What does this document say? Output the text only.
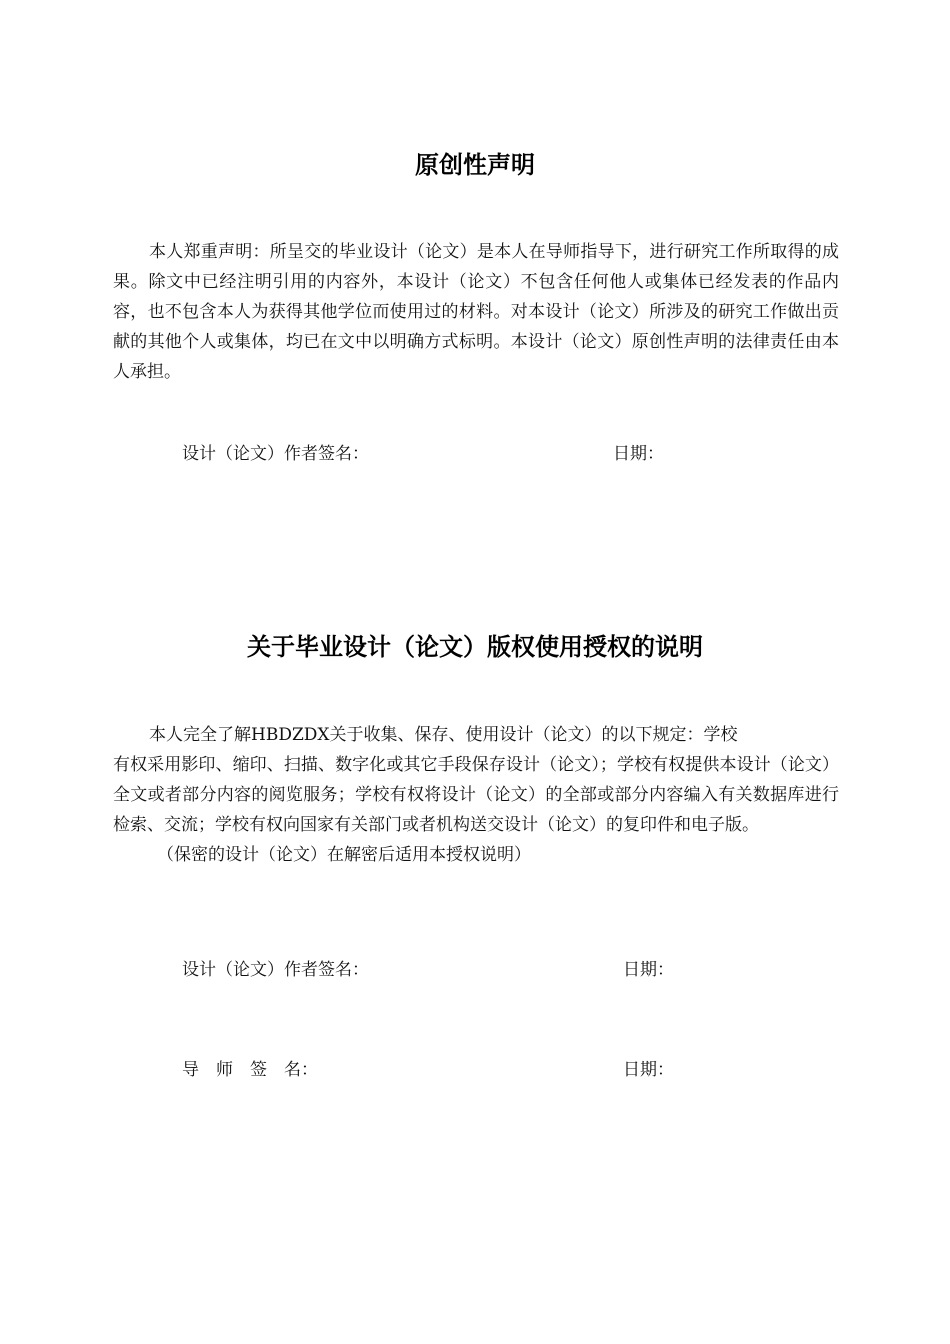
原创性声明

本人郑重声明：所呈交的毕业设计（论文）是本人在导师指导下，进行研究工作所取得的成果。除文中已经注明引用的内容外，本设计（论文）不包含任何他人或集体已经发表的作品内容，也不包含本人为获得其他学位而使用过的材料。对本设计（论文）所涉及的研究工作做出贡献的其他个人或集体，均已在文中以明确方式标明。本设计（论文）原创性声明的法律责任由本人承担。

设计（论文）作者签名：	日期：
关于毕业设计（论文）版权使用授权的说明

本人完全了解HBDZDX关于收集、保存、使用设计（论文）的以下规定：学校

有权采用影印、缩印、扫描、数字化或其它手段保存设计（论文）；学校有权提供本设计（论文）全文或者部分内容的阅览服务；学校有权将设计（论文）的全部或部分内容编入有关数据库进行检索、交流；学校有权向国家有关部门或者机构送交设计（论文）的复印件和电子版。

（保密的设计（论文）在解密后适用本授权说明）

设计（论文）作者签名：	日期：
导　师　签　名：	日期：
